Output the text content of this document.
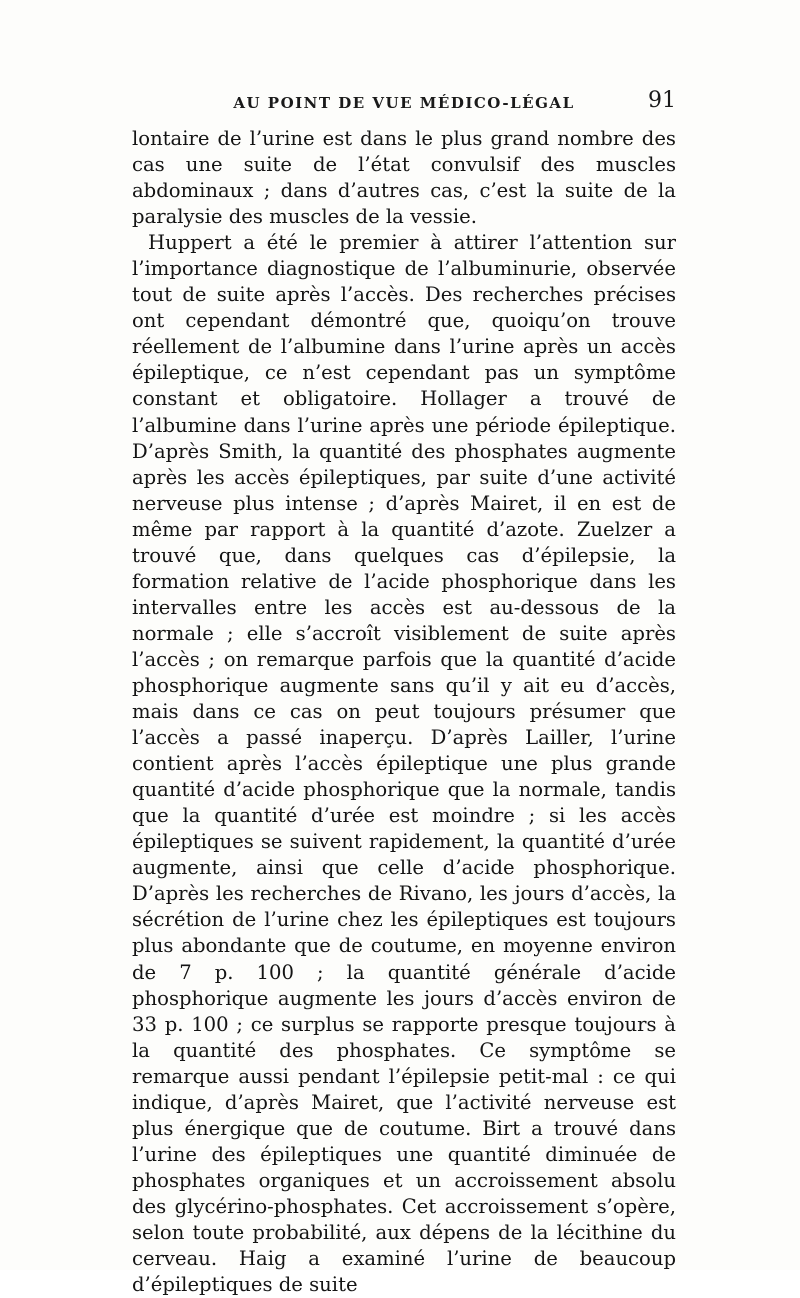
AU POINT DE VUE MÉDICO-LÉGAL	91

lontaire de l’urine est dans le plus grand nombre des cas une suite de l’état convulsif des muscles abdominaux ; dans d’autres cas, c’est la suite de la paralysie des muscles de la vessie.

Huppert a été le premier à attirer l’attention sur l’importance diagnostique de l’albuminurie, observée tout de suite après l’accès. Des recherches précises ont cependant démontré que, quoiqu’on trouve réellement de l’albumine dans l’urine après un accès épileptique, ce n’est cependant pas un symptôme constant et obligatoire. Hollager a trouvé de l’albumine dans l’urine après une période épileptique. D’après Smith, la quantité des phosphates augmente après les accès épileptiques, par suite d’une activité nerveuse plus intense ; d’après Mairet, il en est de même par rapport à la quantité d’azote. Zuelzer a trouvé que, dans quelques cas d’épilepsie, la formation relative de l’acide phosphorique dans les intervalles entre les accès est au-dessous de la normale ; elle s’accroît visiblement de suite après l’accès ; on remarque parfois que la quantité d’acide phosphorique augmente sans qu’il y ait eu d’accès, mais dans ce cas on peut toujours présumer que l’accès a passé inaperçu. D’après Lailler, l’urine contient après l’accès épileptique une plus grande quantité d’acide phosphorique que la normale, tandis que la quantité d’urée est moindre ; si les accès épileptiques se suivent rapidement, la quantité d’urée augmente, ainsi que celle d’acide phosphorique. D’après les recherches de Rivano, les jours d’accès, la sécrétion de l’urine chez les épileptiques est toujours plus abondante que de coutume, en moyenne environ de 7 p. 100 ; la quantité générale d’acide phosphorique augmente les jours d’accès environ de 33 p. 100 ; ce surplus se rapporte presque toujours à la quantité des phosphates. Ce symptôme se remarque aussi pendant l’épilepsie petit-mal : ce qui indique, d’après Mairet, que l’activité nerveuse est plus énergique que de coutume. Birt a trouvé dans l’urine des épileptiques une quantité diminuée de phosphates organiques et un accroissement absolu des glycérino-phosphates. Cet accroissement s’opère, selon toute probabilité, aux dépens de la lécithine du cerveau. Haig a examiné l’urine de beaucoup d’épileptiques de suite
